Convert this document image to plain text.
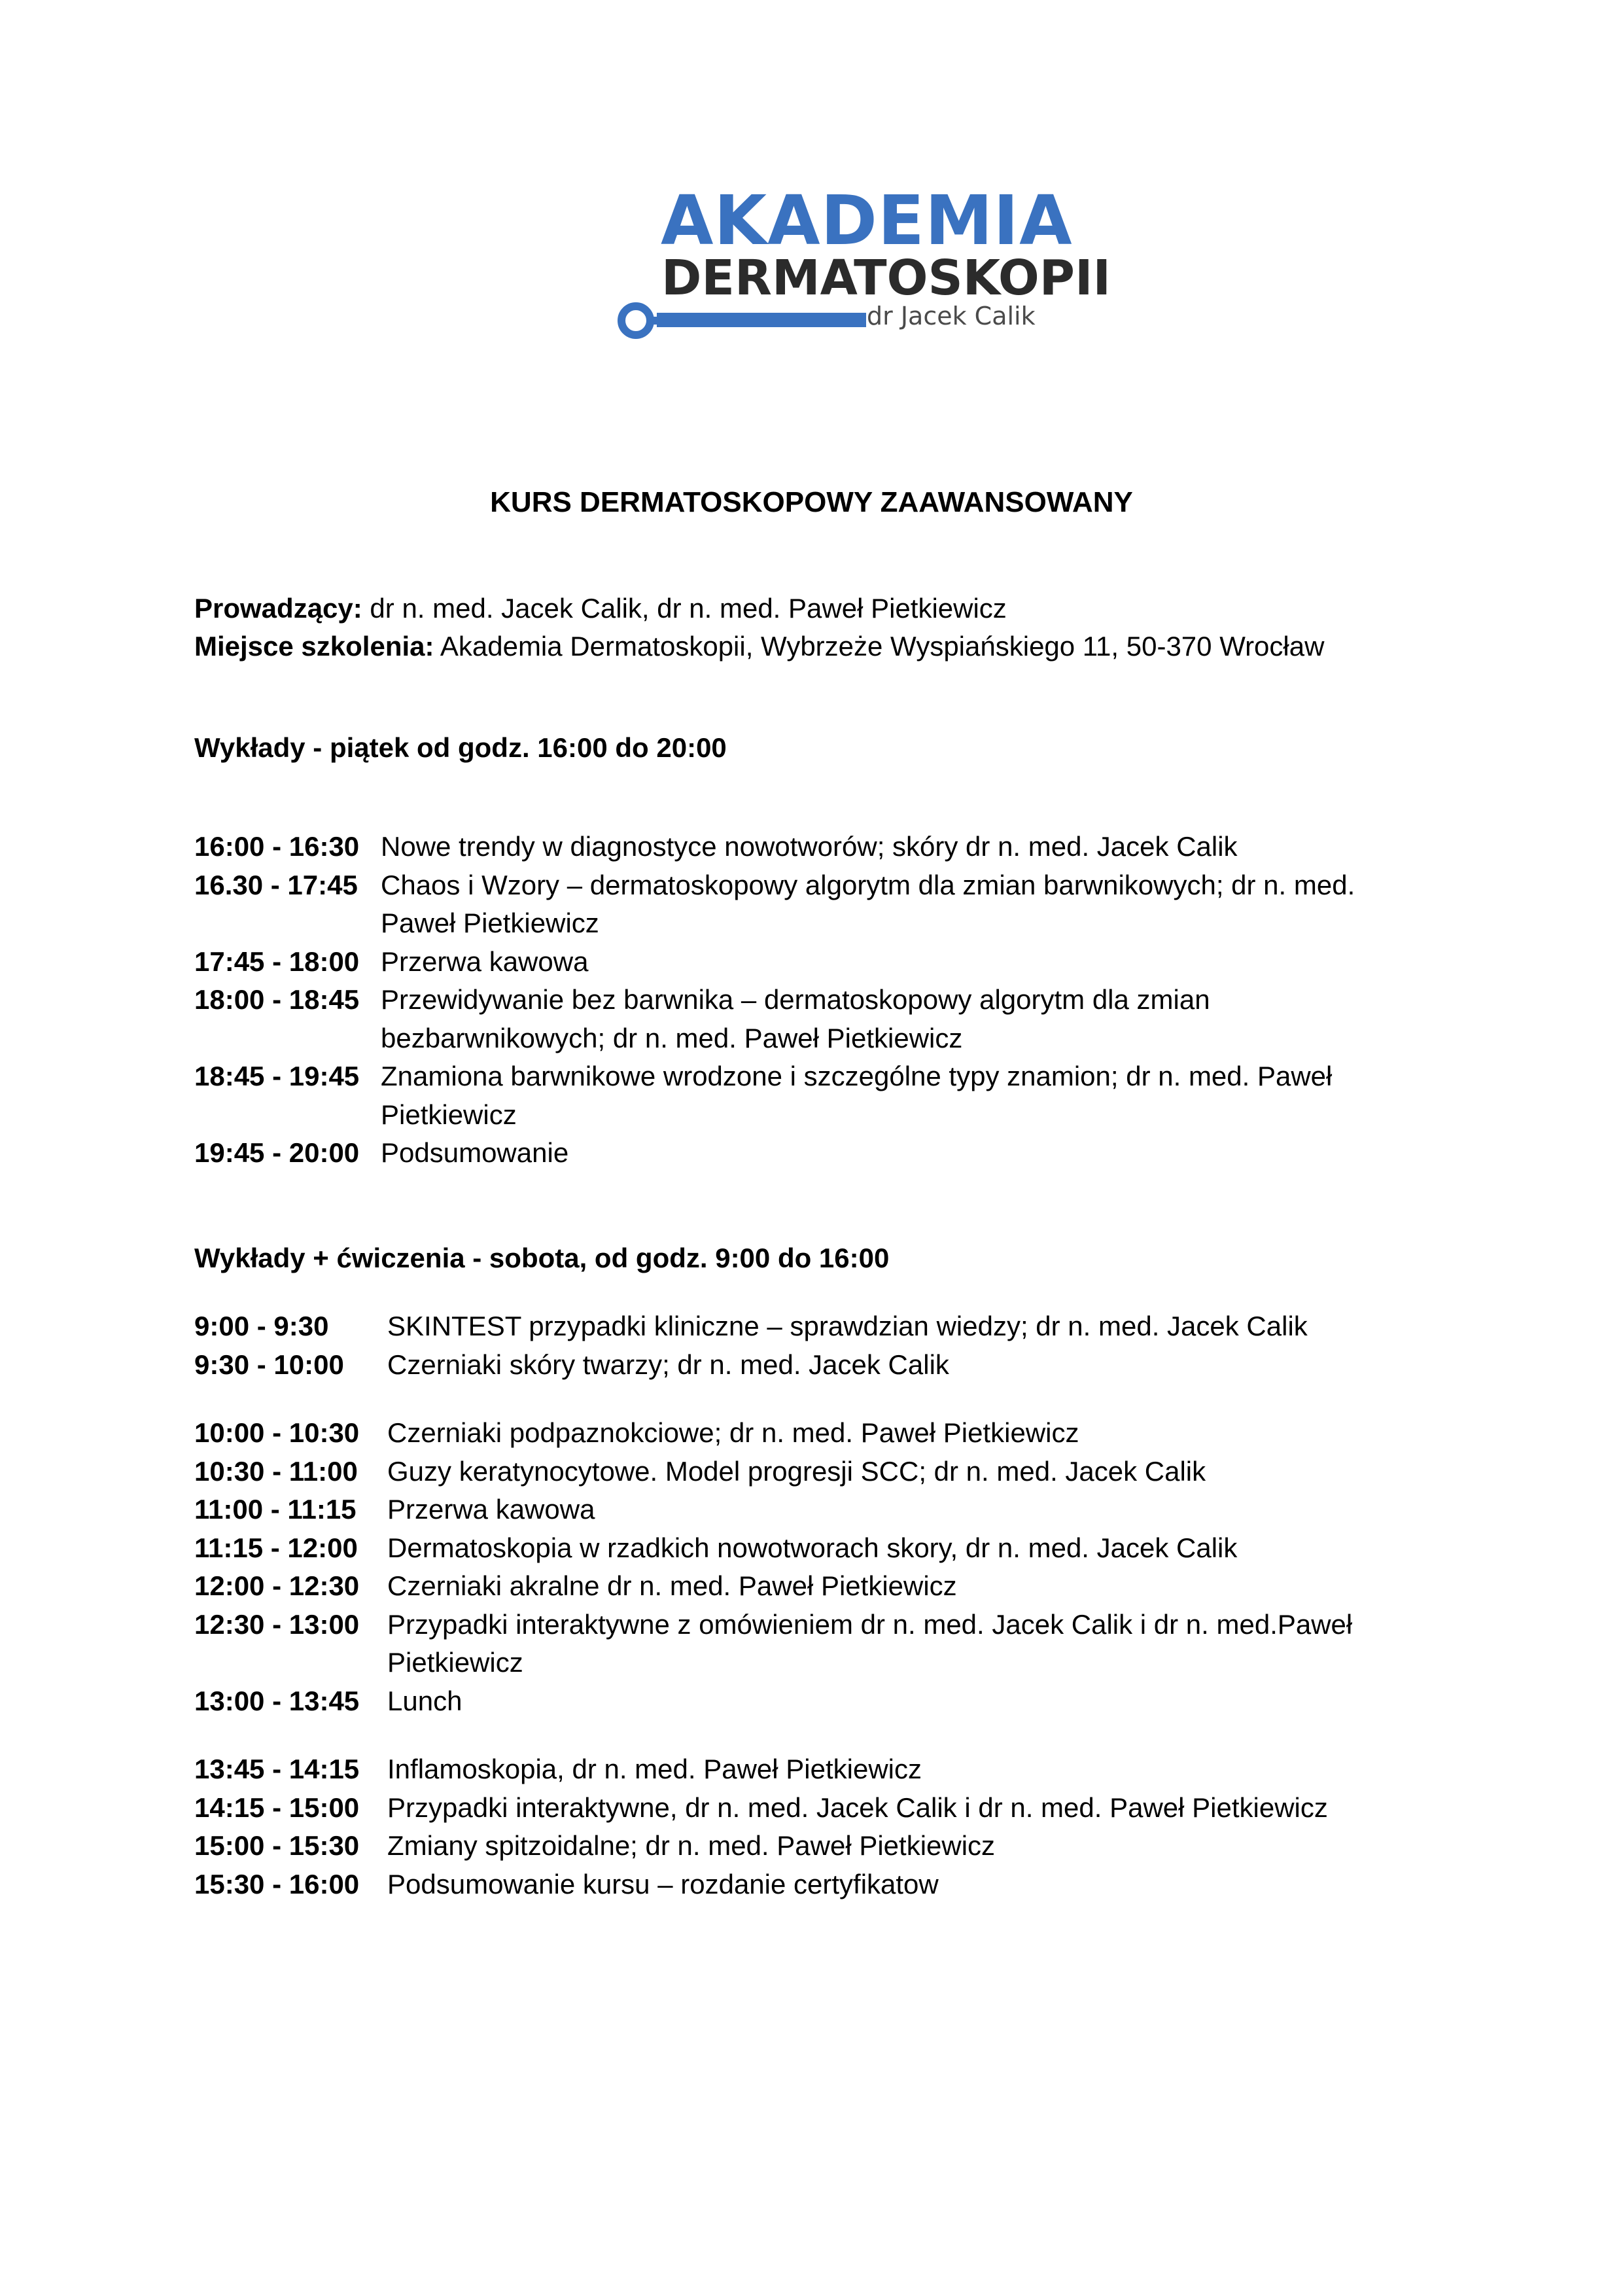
AKADEMIA
DERMATOSKOPII
dr Jacek Calik
KURS DERMATOSKOPOWY ZAAWANSOWANY
Prowadzący: dr n. med. Jacek Calik, dr n. med. Paweł Pietkiewicz
Miejsce szkolenia: Akademia Dermatoskopii, Wybrzeże Wyspiańskiego 11, 50-370 Wrocław
Wykłady - piątek od godz. 16:00 do 20:00
16:00 - 16:30 Nowe trendy w diagnostyce nowotworów; skóry dr n. med. Jacek Calik
16.30 - 17:45 Chaos i Wzory – dermatoskopowy algorytm dla zmian barwnikowych; dr n. med. Paweł Pietkiewicz
17:45 - 18:00 Przerwa kawowa
18:00 - 18:45 Przewidywanie bez barwnika – dermatoskopowy algorytm dla zmian bezbarwnikowych; dr n. med. Paweł Pietkiewicz
18:45 - 19:45 Znamiona barwnikowe wrodzone i szczególne typy znamion; dr n. med. Paweł Pietkiewicz
19:45 - 20:00 Podsumowanie
Wykłady + ćwiczenia - sobota, od godz. 9:00 do 16:00
9:00 - 9:30	SKINTEST przypadki kliniczne – sprawdzian wiedzy; dr n. med. Jacek Calik
9:30 - 10:00	Czerniaki skóry twarzy; dr n. med. Jacek Calik
10:00 - 10:30	Czerniaki podpaznokciowe; dr n. med. Paweł Pietkiewicz
10:30 - 11:00	Guzy keratynocytowe. Model progresji SCC; dr n. med. Jacek Calik
11:00 - 11:15	Przerwa kawowa
11:15 - 12:00	Dermatoskopia w rzadkich nowotworach skory, dr n. med. Jacek Calik
12:00 - 12:30	Czerniaki akralne dr n. med. Paweł Pietkiewicz
12:30 - 13:00	Przypadki interaktywne z omówieniem dr n. med. Jacek Calik i dr n. med.Paweł Pietkiewicz
13:00 - 13:45	Lunch
13:45 - 14:15	Inflamoskopia, dr n. med. Paweł Pietkiewicz
14:15 - 15:00	Przypadki interaktywne, dr n. med. Jacek Calik i dr n. med. Paweł Pietkiewicz
15:00 - 15:30	Zmiany spitzoidalne; dr n. med. Paweł Pietkiewicz
15:30 - 16:00	Podsumowanie kursu – rozdanie certyfikatow
